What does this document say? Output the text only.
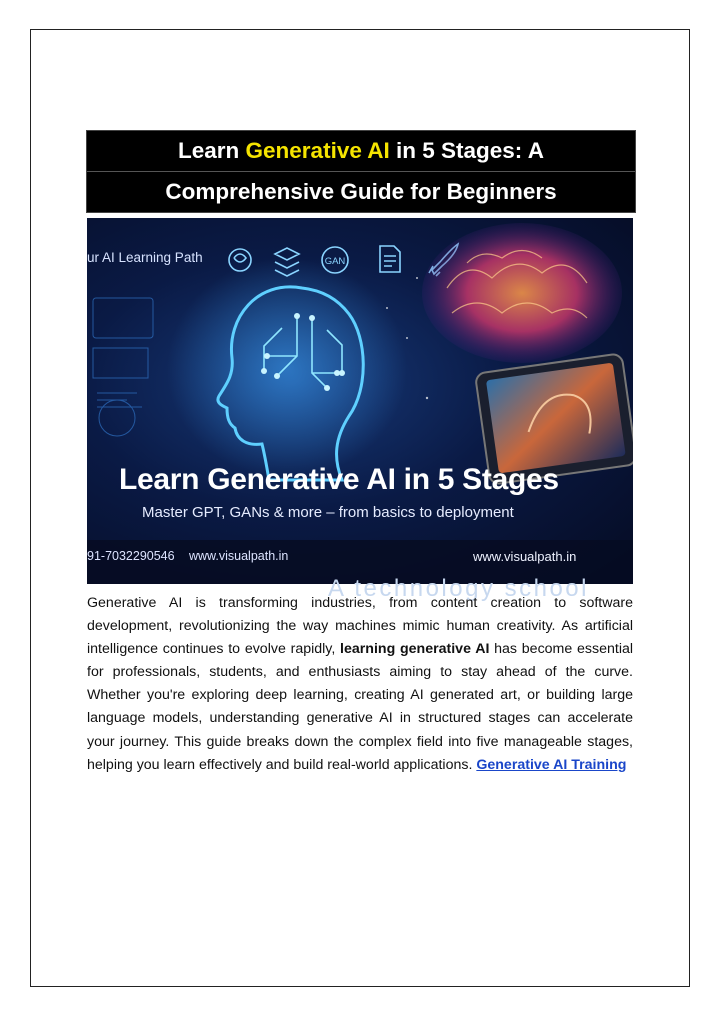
Learn Generative AI in 5 Stages: A
Comprehensive Guide for Beginners
GAN
ur AI Learning Path
Learn Generative AI in 5 Stages
Master GPT, GANs & more – from basics to deployment
91-7032290546 www.visualpath.in	www.visualpath.in
A technology school
Generative AI is transforming industries, from content creation to software development, revolutionizing the way machines mimic human creativity. As artificial intelligence continues to evolve rapidly, learning generative AI has become essential for professionals, students, and enthusiasts aiming to stay ahead of the curve. Whether you're exploring deep learning, creating AI generated art, or building large language models, understanding generative AI in structured stages can accelerate your journey. This guide breaks down the complex field into five manageable stages, helping you learn effectively and build real-world applications. Generative AI Training
